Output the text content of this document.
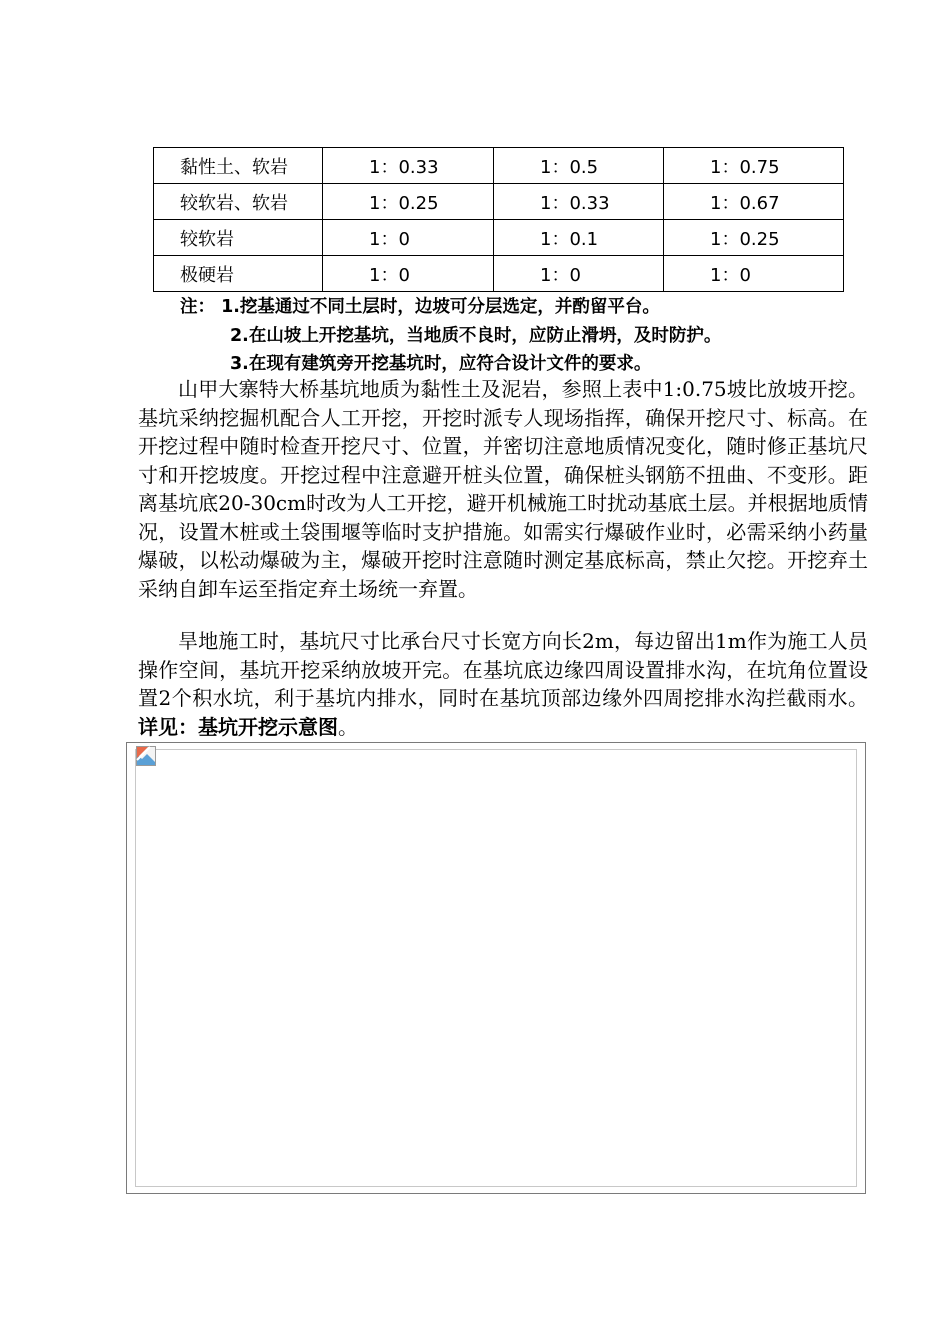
黏性土、软岩	1：0.33	1：0.5	1：0.75
较软岩、软岩	1：0.25	1：0.33	1：0.67
较软岩	1：0	1：0.1	1：0.25
极硬岩	1：0	1：0	1：0
注： 1.挖基通过不同土层时，边坡可分层选定，并酌留平台。
2.在山坡上开挖基坑，当地质不良时，应防止滑坍，及时防护。
3.在现有建筑旁开挖基坑时，应符合设计文件的要求。

山甲大寨特大桥基坑地质为黏性土及泥岩，参照上表中1:0.75坡比放坡开挖。基坑采纳挖掘机配合人工开挖，开挖时派专人现场指挥，确保开挖尺寸、标高。在开挖过程中随时检查开挖尺寸、位置，并密切注意地质情况变化，随时修正基坑尺寸和开挖坡度。开挖过程中注意避开桩头位置，确保桩头钢筋不扭曲、不变形。距离基坑底20-30cm时改为人工开挖，避开机械施工时扰动基底土层。并根据地质情况，设置木桩或土袋围堰等临时支护措施。如需实行爆破作业时，必需采纳小药量爆破，以松动爆破为主，爆破开挖时注意随时测定基底标高，禁止欠挖。开挖弃土采纳自卸车运至指定弃土场统一弃置。

旱地施工时，基坑尺寸比承台尺寸长宽方向长2m，每边留出1m作为施工人员操作空间，基坑开挖采纳放坡开完。在基坑底边缘四周设置排水沟，在坑角位置设置2个积水坑，利于基坑内排水，同时在基坑顶部边缘外四周挖排水沟拦截雨水。详见：基坑开挖示意图。
